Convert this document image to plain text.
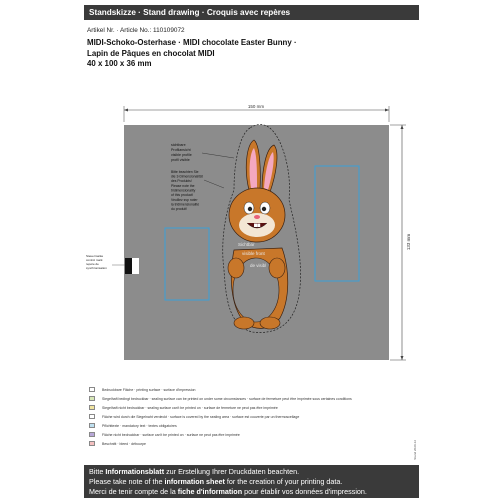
Standskizze · Stand drawing · Croquis avec repères
Artikel Nr. · Article No.: 110109072
MIDI-Schoko-Osterhase · MIDI chocolate Easter Bunny ·
Lapin de Pâques en chocolat MIDI
40 x 100 x 36 mm
150 mm
133 mm
Steuermarke control mark repère de synchronisation
Sichtbar visible front de visibl
sichtbare Profilansicht visible profile profil visible
Bitte beachten Sie die 3-Dimensionalität des Produkts! Please note the tridimensionality of this product! Veuillez svp noter la tridimensionalité du produit!
Bedruckbare Fläche · printing surface · surface d'impression
Siegelhaft bedingt bedruckbar · sealing surface can be printed on under some circumstances · surface de fermeture peut être imprimée sous certaines conditions
Siegelhaft nicht bedruckbar · sealing surface can't be printed on · surface de fermeture ne peut pas être imprimée
Fläche wird durch die Siegelnaht verdeckt · surface is covered by the sealing area · surface est couverte par un thermoscellage
Pflichttexte · mandatory text · textes obligatoires
Fläche nicht bedruckbar · surface can't be printed on · surface ne peut pas être imprimée
Beschnitt · bleed · débourpe	Stand 2020-12
Bitte Informationsblatt zur Erstellung Ihrer Druckdaten beachten.
Please take note of the information sheet for the creation of your printing data.
Merci de tenir compte de la fiche d'information pour établir vos données d'impression.
